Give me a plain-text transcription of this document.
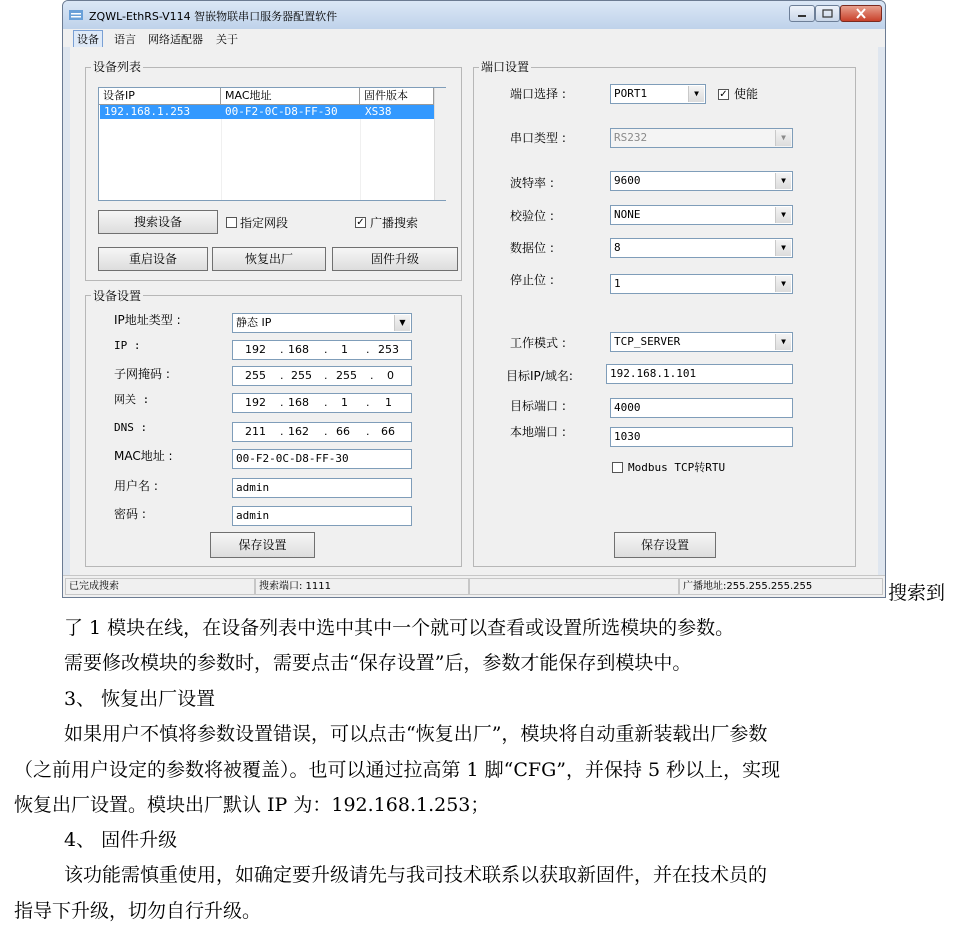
ZQWL-EthRS-V114 智嵌物联串口服务器配置软件
设备	语言 网络适配器 关于
设备列表
设备IP	MAC地址	固件版本
192.168.1.253	00-F2-0C-D8-FF-30 XS38
搜索设备	指定网段	✓ 广播搜索
重启设备	恢复出厂	固件升级
设备设置
IP地址类型 :	静态 IP	▼
IP :	192 . 168 . 1 . 253
子网掩码 :	255 . 255 . 255 . 0
网关 :	192 . 168 . 1 . 1
DNS :	211 . 162 . 66 . 66
MAC地址 :	00-F2-0C-D8-FF-30
用户名 :	admin
密码 :	admin
保存设置
端口设置
端口选择 :	PORT1	▼	✓ 使能
串口类型 :	RS232	▼
波特率 :	9600	▼
校验位 :	NONE	▼
数据位 :	8	▼
停止位 :	1	▼
工作模式 :	TCP_SERVER	▼
目标IP/域名:	192.168.1.101
目标端口 :	4000
本地端口 :	1030
Modbus TCP转RTU
保存设置
已完成搜索	搜索端口: 1111	广播地址:255.255.255.255	搜索到
了 1 模块在线，在设备列表中选中其中一个就可以查看或设置所选模块的参数。
需要修改模块的参数时，需要点击“保存设置”后，参数才能保存到模块中。
3、 恢复出厂设置
如果用户不慎将参数设置错误，可以点击“恢复出厂”，模块将自动重新装载出厂参数
（之前用户设定的参数将被覆盖）。也可以通过拉高第 1 脚“CFG”，并保持 5 秒以上，实现
恢复出厂设置。模块出厂默认 IP 为：192.168.1.253；
4、 固件升级
该功能需慎重使用，如确定要升级请先与我司技术联系以获取新固件，并在技术员的
指导下升级，切勿自行升级。
